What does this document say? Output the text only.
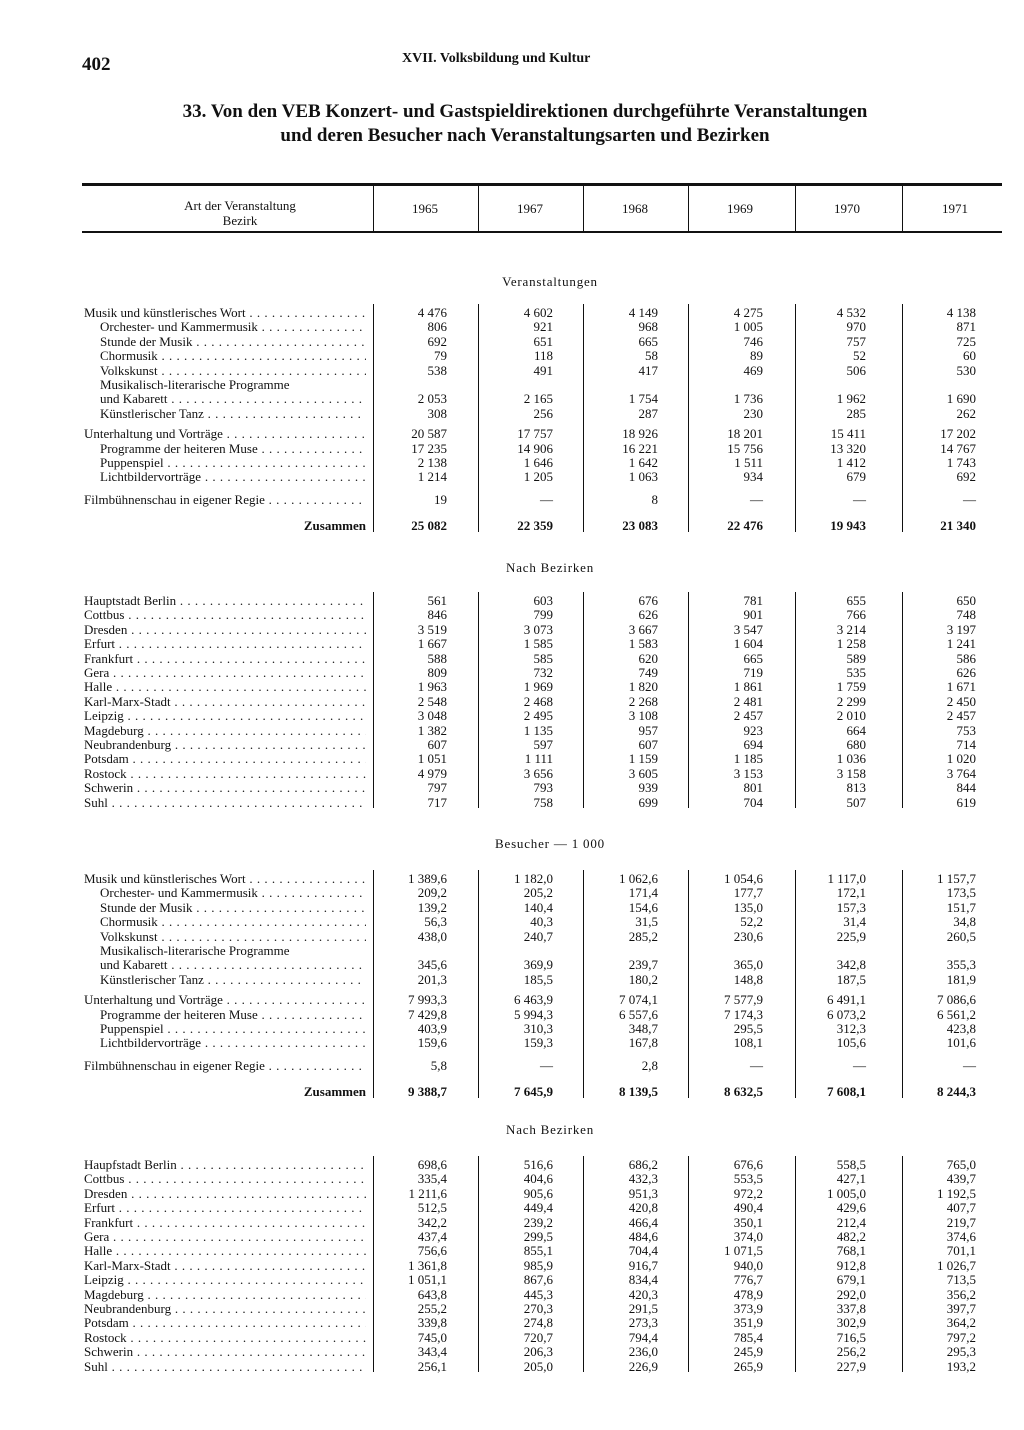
402	XVII. Volksbildung und Kultur
33. Von den VEB Konzert- und Gastspieldirektionen durchgeführte Veranstaltungen
und deren Besucher nach Veranstaltungsarten und Bezirken
Art der Veranstaltung
Bezirk
1965	1967	1968	1969	1970	1971
Veranstaltungen
Musik und künstlerisches Wort . . .	4 476	4 602	4 149	4 275	4 532	4 138
Orchester- und Kammermusik . . .	806	921	968	1 005	970	871
Stunde der Musik . . .	692	651	665	746	757	725
Chormusik . . .	79	118	58	89	52	60
Volkskunst . . .	538	491	417	469	506	530
Musikalisch-literarische Programme
und Kabarett . . .	2 053	2 165	1 754	1 736	1 962	1 690
Künstlerischer Tanz . . .	308	256	287	230	285	262
Unterhaltung und Vorträge . . .	20 587	17 757	18 926	18 201	15 411	17 202
Programme der heiteren Muse . . .	17 235	14 906	16 221	15 756	13 320	14 767
Puppenspiel . . .	2 138	1 646	1 642	1 511	1 412	1 743
Lichtbildervorträge . . .	1 214	1 205	1 063	934	679	692
Filmbühnenschau in eigener Regie . . .	19	—	8	—	—	—
Zusammen	25 082	22 359	23 083	22 476	19 943	21 340
Nach Bezirken
Hauptstadt Berlin . . .	561	603	676	781	655	650
Cottbus . . .	846	799	626	901	766	748
Dresden . . .	3 519	3 073	3 667	3 547	3 214	3 197
Erfurt . . .	1 667	1 585	1 583	1 604	1 258	1 241
Frankfurt . . .	588	585	620	665	589	586
Gera . . .	809	732	749	719	535	626
Halle . . .	1 963	1 969	1 820	1 861	1 759	1 671
Karl-Marx-Stadt . . .	2 548	2 468	2 268	2 481	2 299	2 450
Leipzig . . .	3 048	2 495	3 108	2 457	2 010	2 457
Magdeburg . . .	1 382	1 135	957	923	664	753
Neubrandenburg . . .	607	597	607	694	680	714
Potsdam . . .	1 051	1 111	1 159	1 185	1 036	1 020
Rostock . . .	4 979	3 656	3 605	3 153	3 158	3 764
Schwerin . . .	797	793	939	801	813	844
Suhl . . .	717	758	699	704	507	619
Besucher — 1 000
Musik und künstlerisches Wort . . .	1 389,6	1 182,0	1 062,6	1 054,6	1 117,0	1 157,7
Orchester- und Kammermusik . . .	209,2	205,2	171,4	177,7	172,1	173,5
Stunde der Musik . . .	139,2	140,4	154,6	135,0	157,3	151,7
Chormusik . . .	56,3	40,3	31,5	52,2	31,4	34,8
Volkskunst . . .	438,0	240,7	285,2	230,6	225,9	260,5
Musikalisch-literarische Programme
und Kabarett . . .	345,6	369,9	239,7	365,0	342,8	355,3
Künstlerischer Tanz . . .	201,3	185,5	180,2	148,8	187,5	181,9
Unterhaltung und Vorträge . . .	7 993,3	6 463,9	7 074,1	7 577,9	6 491,1	7 086,6
Programme der heiteren Muse . . .	7 429,8	5 994,3	6 557,6	7 174,3	6 073,2	6 561,2
Puppenspiel . . .	403,9	310,3	348,7	295,5	312,3	423,8
Lichtbildervorträge . . .	159,6	159,3	167,8	108,1	105,6	101,6
Filmbühnenschau in eigener Regie . . .	5,8	—	2,8	—	—	—
Zusammen	9 388,7	7 645,9	8 139,5	8 632,5	7 608,1	8 244,3
Nach Bezirken
Haupfstadt Berlin . . .	698,6	516,6	686,2	676,6	558,5	765,0
Cottbus . . .	335,4	404,6	432,3	553,5	427,1	439,7
Dresden . . .	1 211,6	905,6	951,3	972,2	1 005,0	1 192,5
Erfurt . . .	512,5	449,4	420,8	490,4	429,6	407,7
Frankfurt . . .	342,2	239,2	466,4	350,1	212,4	219,7
Gera . . .	437,4	299,5	484,6	374,0	482,2	374,6
Halle . . .	756,6	855,1	704,4	1 071,5	768,1	701,1
Karl-Marx-Stadt . . .	1 361,8	985,9	916,7	940,0	912,8	1 026,7
Leipzig . . .	1 051,1	867,6	834,4	776,7	679,1	713,5
Magdeburg . . .	643,8	445,3	420,3	478,9	292,0	356,2
Neubrandenburg . . .	255,2	270,3	291,5	373,9	337,8	397,7
Potsdam . . .	339,8	274,8	273,3	351,9	302,9	364,2
Rostock . . .	745,0	720,7	794,4	785,4	716,5	797,2
Schwerin . . .	343,4	206,3	236,0	245,9	256,2	295,3
Suhl . . .	256,1	205,0	226,9	265,9	227,9	193,2
